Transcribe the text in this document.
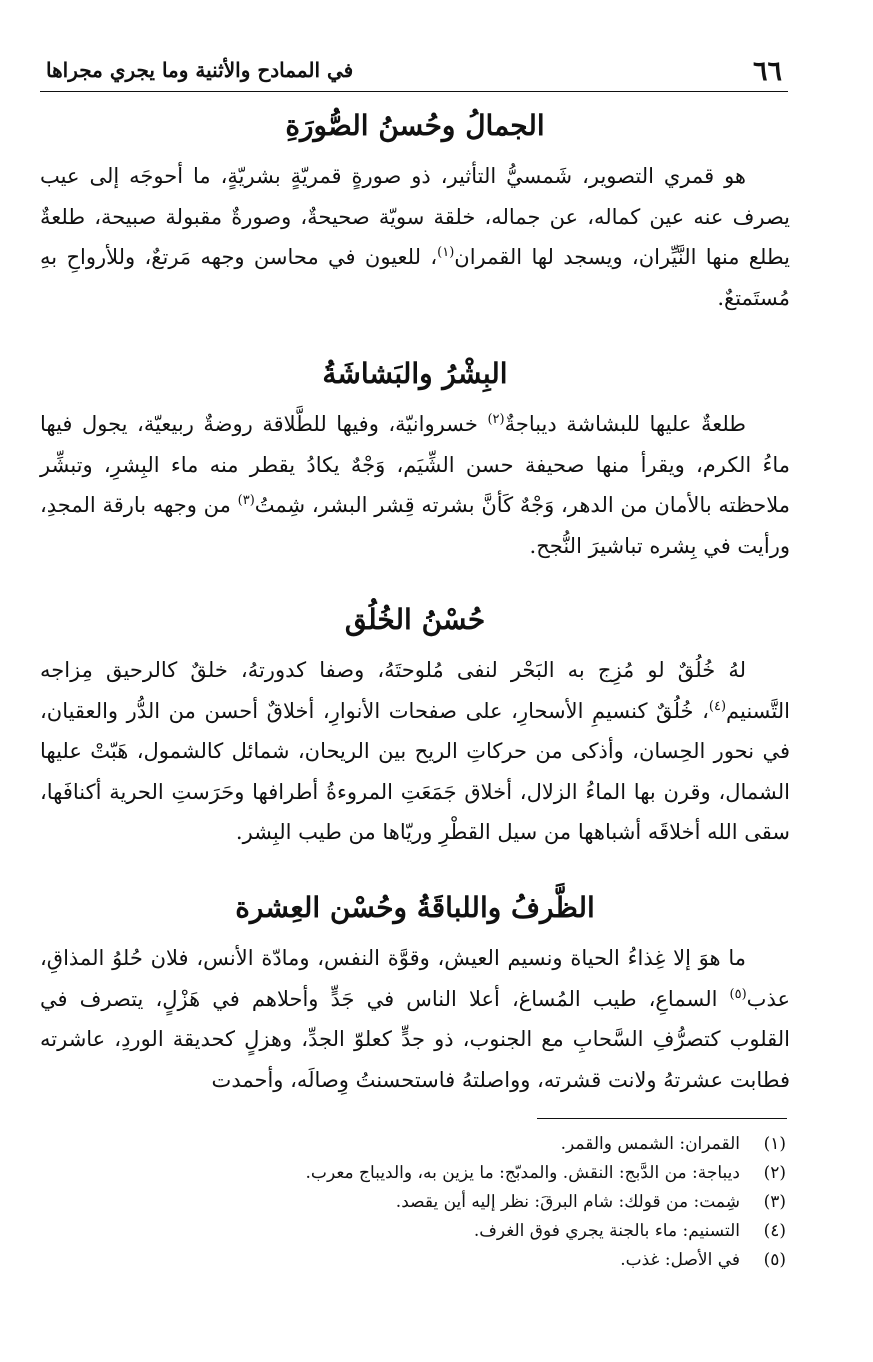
٦٦
في الممادح والأثنية وما يجري مجراها
الجمالُ وحُسنُ الصُّورَةِ

هو قمري التصوير، شَمسيُّ التأثير، ذو صورةٍ قمريّةٍ بشريّةٍ، ما أحوجَه إلى عيب يصرف عنه عين كماله، عن جماله، خلقة سويّة صحيحةٌ، وصورةٌ مقبولة صبيحة، طلعةٌ يطلع منها النَّيِّران، ويسجد لها القمران$^{(١)}$، للعيون في محاسن وجهه مَرتعٌ، وللأرواحِ بهِ مُستَمتعٌ.

البِشْرُ والبَشاشَةُ

طلعةٌ عليها للبشاشة ديباجةٌ$^{(٢)}$ خسروانيّة، وفيها للطَّلاقة روضةٌ ربيعيّة، يجول فيها ماءُ الكرم، ويقرأ منها صحيفة حسن الشِّيَم، وَجْهٌ يكادُ يقطر منه ماء البِشرِ، وتبشِّر ملاحظته بالأمان من الدهر، وَجْهٌ كَأنَّ بشرته قِشر البشر، شِمتُ$^{(٣)}$ من وجهه بارقة المجدِ، ورأيت في بِشره تباشيرَ النُّجح.

حُسْنُ الخُلُق

لهُ خُلُقٌ لو مُزِج به البَحْر لنفى مُلوحتَهُ، وصفا كدورتهُ، خلقٌ كالرحيق مِزاجه التَّسنيم$^{(٤)}$، خُلُقٌ كنسيمِ الأسحارِ، على صفحات الأنوارِ، أخلاقٌ أحسن من الدُّر والعقيان، في نحور الحِسان، وأذكى من حركاتِ الريح بين الريحان، شمائل كالشمول، هَبّتْ عليها الشمال، وقرن بها الماءُ الزلال، أخلاق جَمَعَتِ المروءةُ أطرافها وحَرَستِ الحرية أكنافَها، سقى الله أخلاقَه أشباهها من سيل القطْرِ وريّاها من طيب البِشر.

الظَّرفُ واللباقَةُ وحُسْن العِشرة

ما هوَ إلا غِذاءُ الحياة ونسيم العيش، وقوَّة النفس، ومادّة الأنس، فلان حُلوُ المذاقِ، عذب$^{(٥)}$ السماعِ، طيب المُساغ، أعلا الناس في جَدٍّ وأحلاهم في هَزْلٍ، يتصرف في القلوب كتصرُّفِ السَّحابِ مع الجنوب، ذو جدٍّ كعلوّ الجدِّ، وهزلٍ كحديقة الوردِ، عاشرته فطابت عشرتهُ ولانت قشرته، وواصلتهُ فاستحسنتُ وِصالَه، وأحمدت

(١)القمران: الشمس والقمر.
(٢)ديباجة: من الدَّبج: النقش. والمدبّج: ما يزين به، والديباج معرب.
(٣)شِمت: من قولك: شام البرقَ: نظر إليه أين يقصد.
(٤)التسنيم: ماء بالجنة يجري فوق الغرف.
(٥)في الأصل: غذب.
